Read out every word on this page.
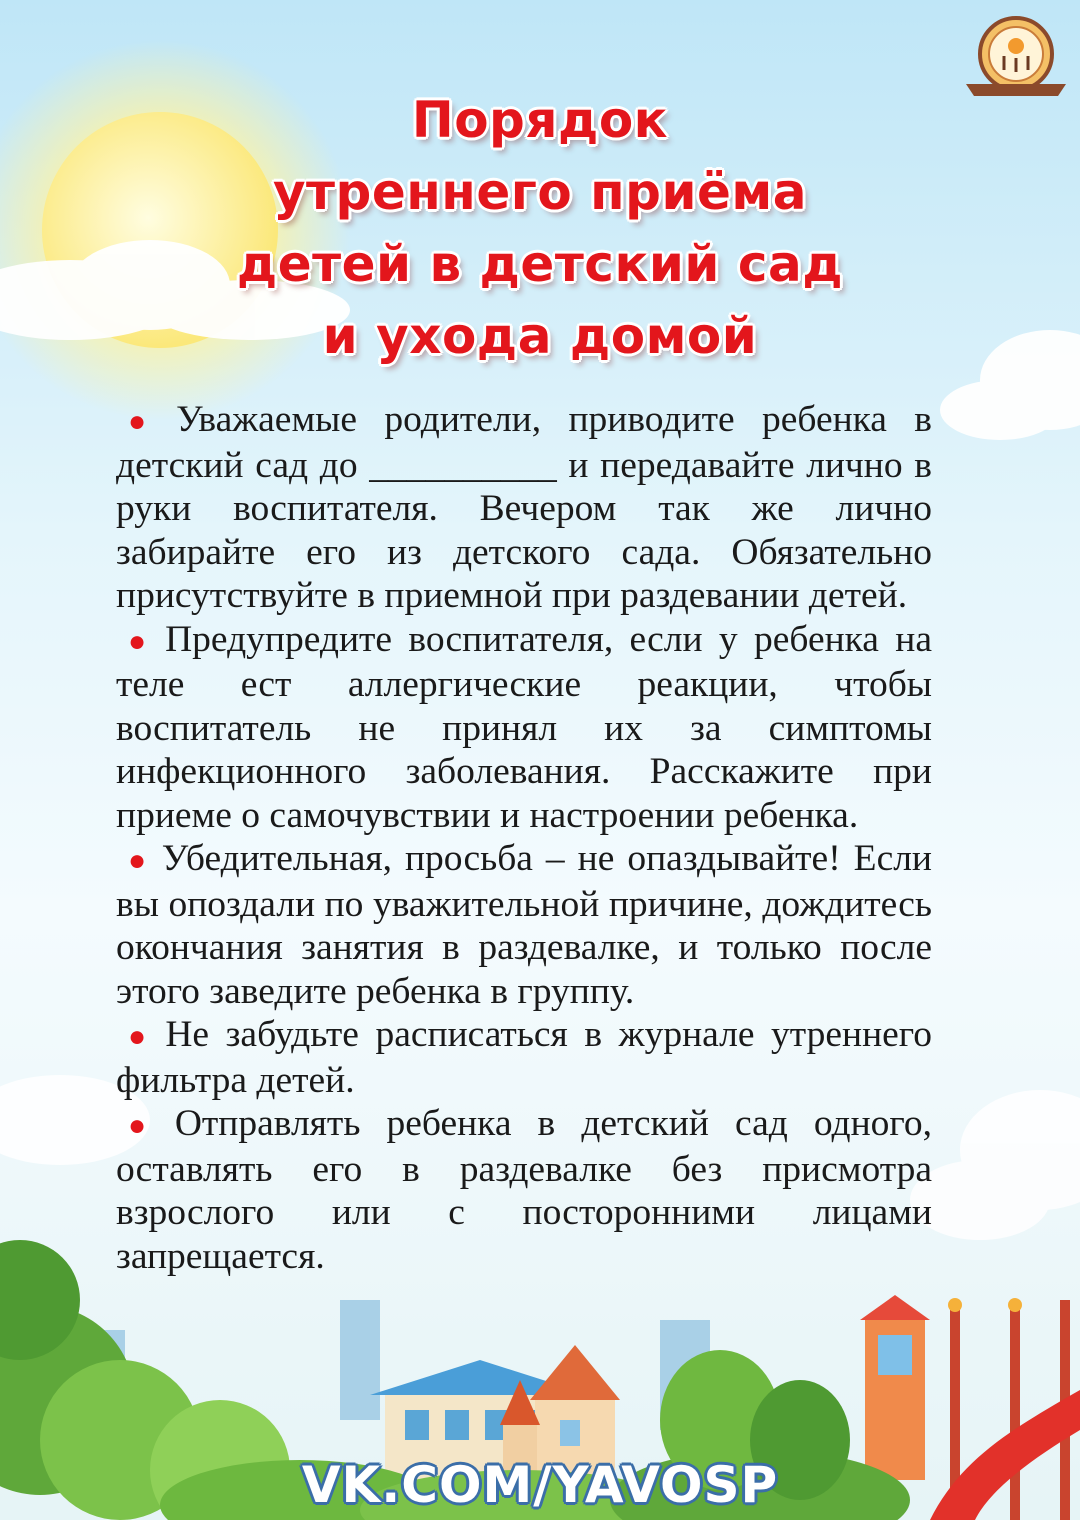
Порядок
утреннего приёма
детей в детский сад
и ухода домой

● Уважаемые родители, приводите ребенка в детский сад до __________ и передавайте лично в руки воспитателя. Вечером так же лично забирайте его из детского сада. Обязательно присутствуйте в приемной при раздевании детей.

● Предупредите воспитателя, если у ребенка на теле ест аллергические реакции, чтобы воспитатель не принял их за симптомы инфекционного заболевания. Расскажите при приеме о самочувствии и настроении ребенка.

● Убедительная, просьба – не опаздывайте! Если вы опоздали по уважительной причине, дождитесь окончания занятия в раздевалке, и только после этого заведите ребенка в группу.

● Не забудьте расписаться в журнале утреннего фильтра детей.

● Отправлять ребенка в детский сад одного, оставлять его в раздевалке без присмотра взрослого или с посторонними лицами запрещается.

VK.COM/YAVOSP
